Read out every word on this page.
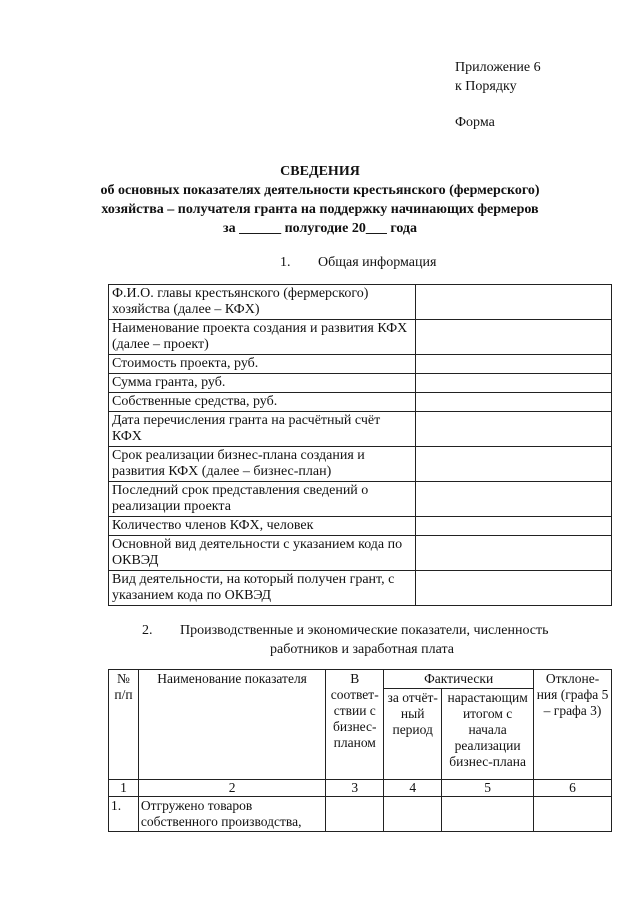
Приложение 6
к Порядку
Форма
СВЕДЕНИЯ
об основных показателях деятельности крестьянского (фермерского)
хозяйства – получателя гранта на поддержку начинающих фермеров
за ______ полугодие 20___ года
1. Общая информация
Ф.И.О. главы крестьянского (фермерского) хозяйства (далее – КФХ)	
Наименование проекта создания и развития КФХ (далее – проект)	
Стоимость проекта, руб.	
Сумма гранта, руб.	
Собственные средства, руб.	
Дата перечисления гранта на расчётный счёт КФХ	
Срок реализации бизнес-плана создания и развития КФХ (далее – бизнес-план)	
Последний срок представления сведений о реализации проекта	
Количество членов КФХ, человек	
Основной вид деятельности с указанием кода по ОКВЭД	
Вид деятельности, на который получен грант, с указанием кода по ОКВЭД	
2. Производственные и экономические показатели, численность
работников и заработная плата
№ п/п	Наименование показателя	В соответ-ствии с бизнес-планом	Фактически		Отклоне-ния (графа 5 – графа 3)
			за отчёт-ный период	нарастающим итогом с начала реализации бизнес-плана	
1	2	3	4	5	6
1.	Отгружено товаров собственного производства,				
